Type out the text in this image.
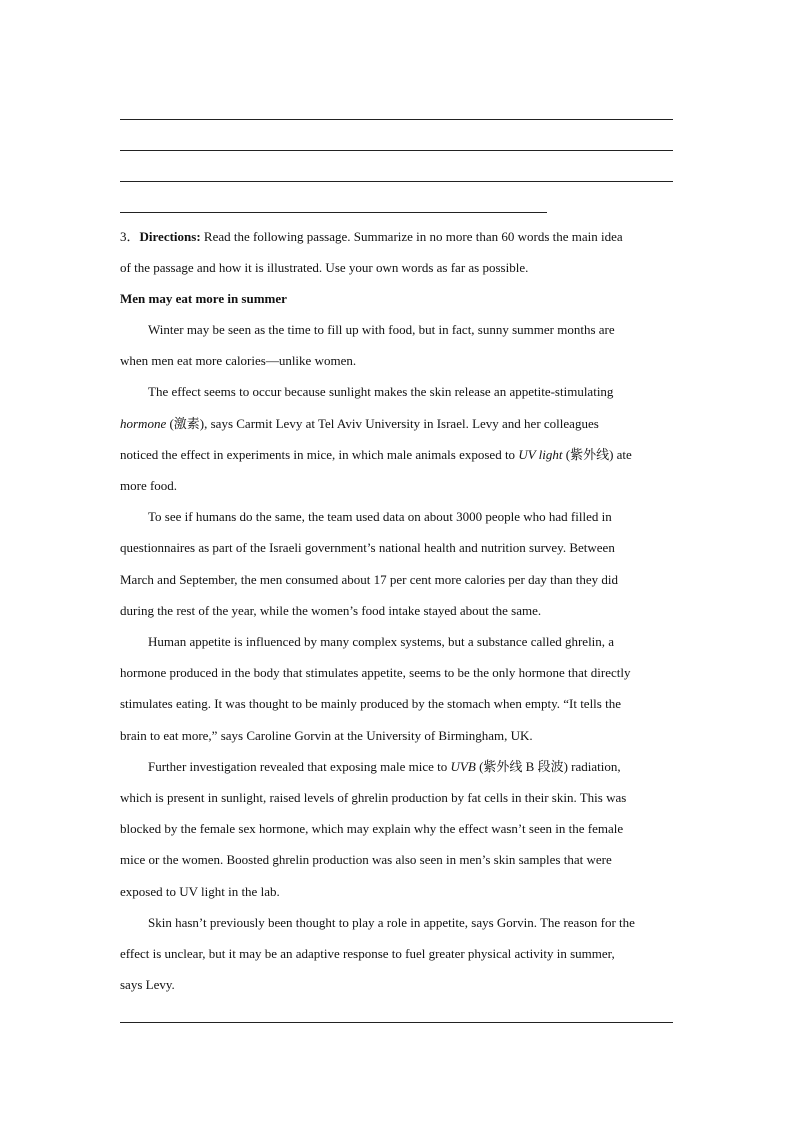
3．Directions: Read the following passage. Summarize in no more than 60 words the main idea
of the passage and how it is illustrated. Use your own words as far as possible.
Men may eat more in summer
Winter may be seen as the time to fill up with food, but in fact, sunny summer months are
when men eat more calories—unlike women.
The effect seems to occur because sunlight makes the skin release an appetite-stimulating
hormone (激素), says Carmit Levy at Tel Aviv University in Israel. Levy and her colleagues
noticed the effect in experiments in mice, in which male animals exposed to UV light (紫外线) ate
more food.
To see if humans do the same, the team used data on about 3000 people who had filled in
questionnaires as part of the Israeli government’s national health and nutrition survey. Between
March and September, the men consumed about 17 per cent more calories per day than they did
during the rest of the year, while the women’s food intake stayed about the same.
Human appetite is influenced by many complex systems, but a substance called ghrelin, a
hormone produced in the body that stimulates appetite, seems to be the only hormone that directly
stimulates eating. It was thought to be mainly produced by the stomach when empty. “It tells the
brain to eat more,” says Caroline Gorvin at the University of Birmingham, UK.
Further investigation revealed that exposing male mice to UVB (紫外线 B 段波) radiation,
which is present in sunlight, raised levels of ghrelin production by fat cells in their skin. This was
blocked by the female sex hormone, which may explain why the effect wasn’t seen in the female
mice or the women. Boosted ghrelin production was also seen in men’s skin samples that were
exposed to UV light in the lab.
Skin hasn’t previously been thought to play a role in appetite, says Gorvin. The reason for the
effect is unclear, but it may be an adaptive response to fuel greater physical activity in summer,
says Levy.
